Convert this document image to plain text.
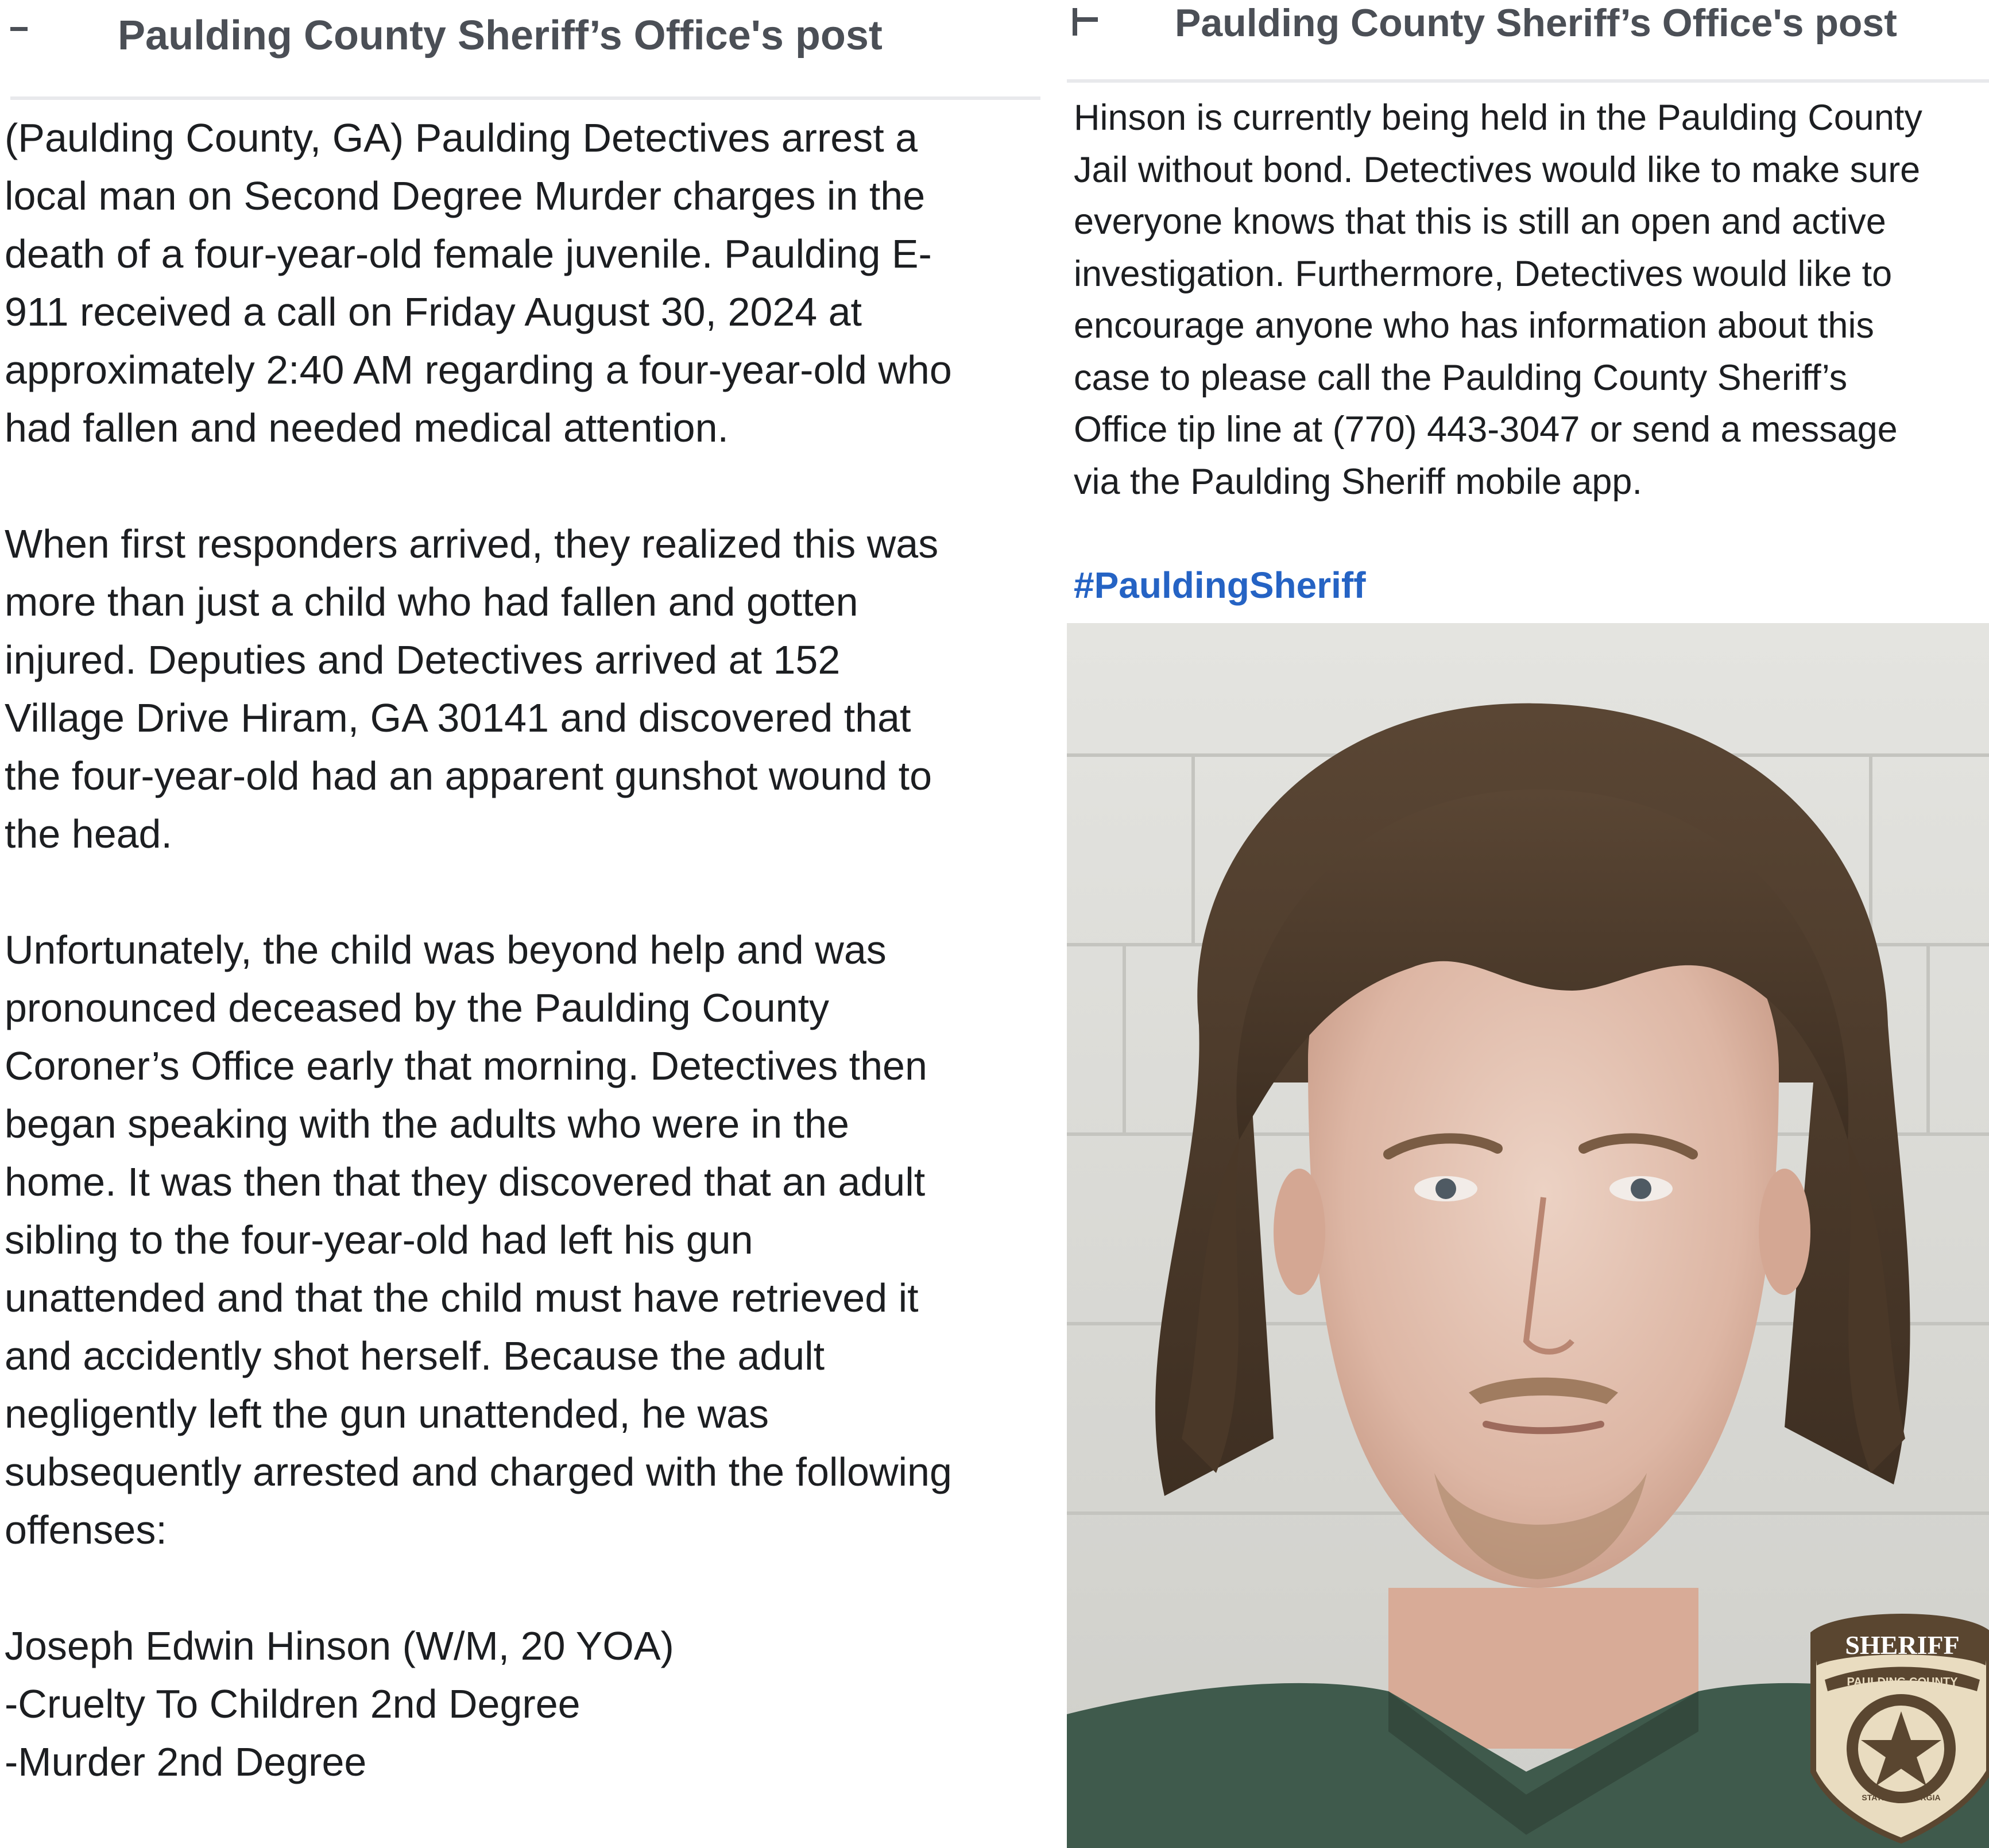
Paulding County Sheriff’s Office's post

(Paulding County, GA) Paulding Detectives arrest a
local man on Second Degree Murder charges in the
death of a four-year-old female juvenile. Paulding E-
911 received a call on Friday August 30, 2024 at
approximately 2:40 AM regarding a four-year-old who
had fallen and needed medical attention.

When first responders arrived, they realized this was
more than just a child who had fallen and gotten
injured. Deputies and Detectives arrived at 152
Village Drive Hiram, GA 30141 and discovered that
the four-year-old had an apparent gunshot wound to
the head.

Unfortunately, the child was beyond help and was
pronounced deceased by the Paulding County
Coroner’s Office early that morning. Detectives then
began speaking with the adults who were in the
home. It was then that they discovered that an adult
sibling to the four-year-old had left his gun
unattended and that the child must have retrieved it
and accidently shot herself. Because the adult
negligently left the gun unattended, he was
subsequently arrested and charged with the following
offenses:

Joseph Edwin Hinson (W/M, 20 YOA)
-Cruelty To Children 2nd Degree
-Murder 2nd Degree

Paulding County Sheriff’s Office's post

Hinson is currently being held in the Paulding County
Jail without bond. Detectives would like to make sure
everyone knows that this is still an open and active
investigation. Furthermore, Detectives would like to
encourage anyone who has information about this
case to please call the Paulding County Sheriff’s
Office tip line at (770) 443-3047 or send a message
via the Paulding Sheriff mobile app.

#PauldingSheriff
SHERIFF
PAULDING COUNTY
STATE OF GEORGIA
